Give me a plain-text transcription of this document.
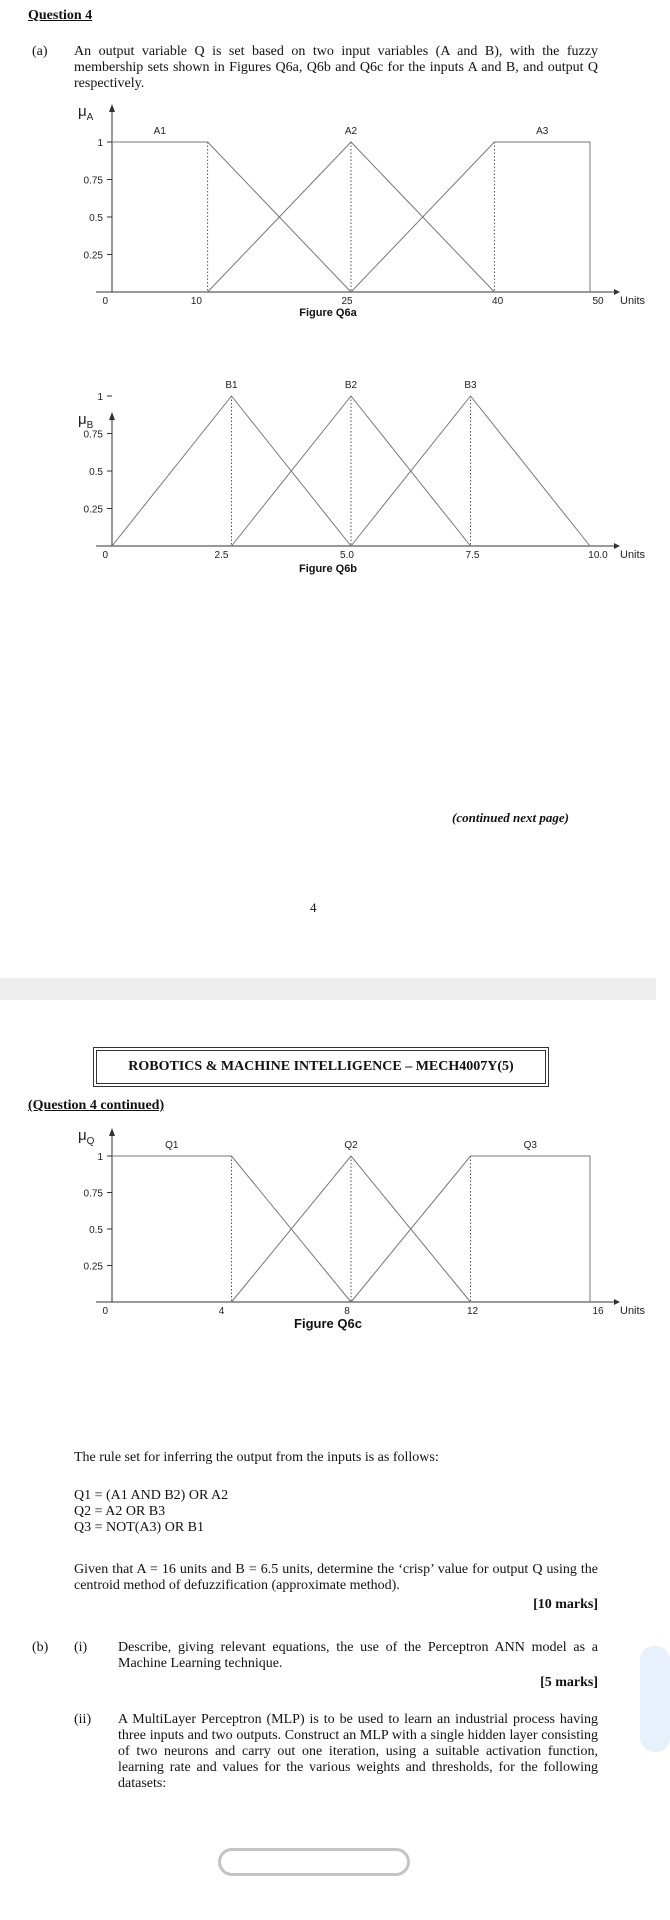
Question 4
(a) An output variable Q is set based on two input variables (A and B), with the fuzzy membership sets shown in Figures Q6a, Q6b and Q6c for the inputs A and B, and output Q respectively.
$\mu_A$
1
0.75
0.5
0.25
0	10	25	40	50 Units
A1	A2	A3
Figure Q6a
$\mu_B$
1
0.75
0.5
0.25
0	2.5	5.0	7.5	10.0 Units
B1	B2	B3
Figure Q6b
(continued next page)
4
ROBOTICS & MACHINE INTELLIGENCE – MECH4007Y(5)
(Question 4 continued)
$\mu_Q$
1
0.75
0.5
0.25
0	4	8	12	16 Units
Q1	Q2	Q3
Figure Q6c
The rule set for inferring the output from the inputs is as follows:
Q1 = (A1 AND B2) OR A2
Q2 = A2 OR B3
Q3 = NOT(A3) OR B1
Given that A = 16 units and B = 6.5 units, determine the ‘crisp’ value for output Q using the centroid method of defuzzification (approximate method).
[10 marks]
(b) (i) Describe, giving relevant equations, the use of the Perceptron ANN model as a Machine Learning technique.
[5 marks]
(ii) A MultiLayer Perceptron (MLP) is to be used to learn an industrial process having three inputs and two outputs. Construct an MLP with a single hidden layer consisting of two neurons and carry out one iteration, using a suitable activation function, learning rate and values for the various weights and thresholds, for the following datasets:
